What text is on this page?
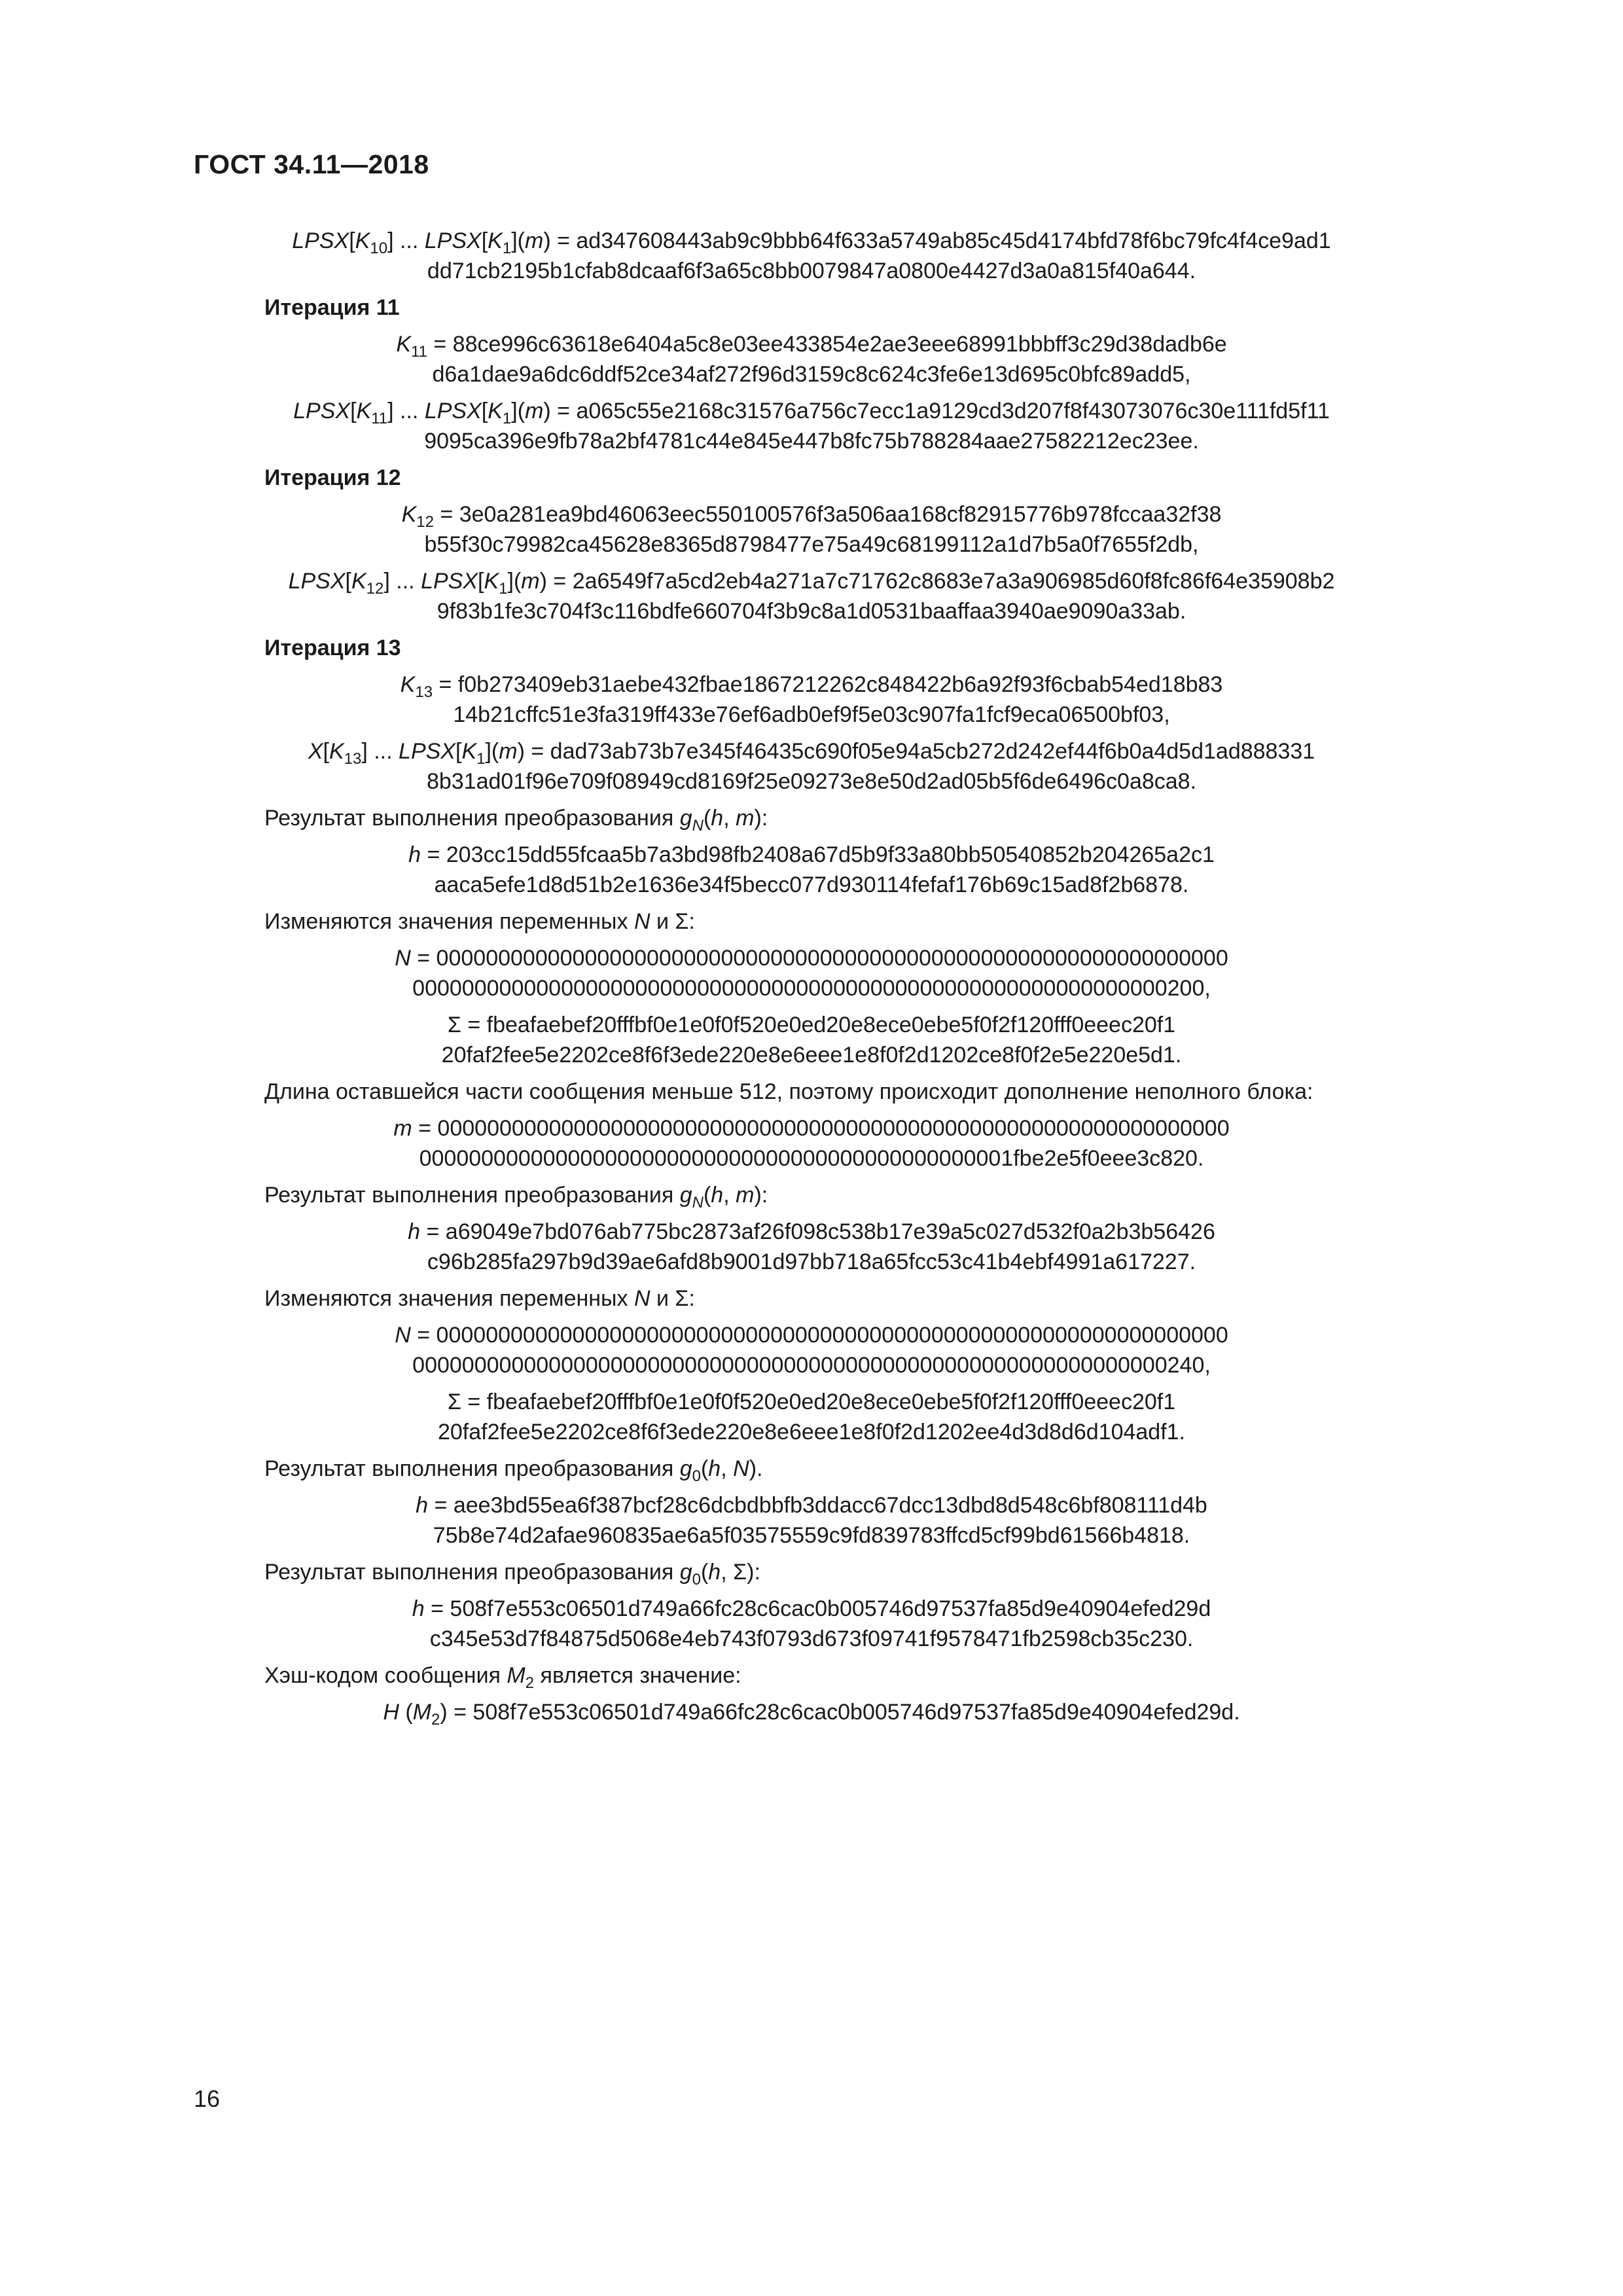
ГОСТ 34.11—2018
$LPSX[K_{10}]$ ... $LPSX[K_1](m) = ad347608443ab9c9bbb64f633a5749ab85c45d4174bfd78f6bc79fc4f4ce9ad1$
dd71cb2195b1cfab8dcaaf6f3a65c8bb0079847a0800e4427d3a0a815f40a644.
Итерация 11
$K_{11}$ = 88ce996c63618e6404a5c8e03ee433854e2ae3eee68991bbbff3c29d38dadb6e
d6a1dae9a6dc6ddf52ce34af272f96d3159c8c624c3fe6e13d695c0bfc89add5,
$LPSX[K_{11}]$ ... $LPSX[K_1](m) = a065c55e2168c31576a756c7ecc1a9129cd3d207f8f43073076c30e111fd5f11$
9095ca396e9fb78a2bf4781c44e845e447b8fc75b788284aae27582212ec23ee.
Итерация 12
$K_{12}$ = 3e0a281ea9bd46063eec550100576f3a506aa168cf82915776b978fccaa32f38
b55f30c79982ca45628e8365d8798477e75a49c68199112a1d7b5a0f7655f2db,
$LPSX[K_{12}]$ ... $LPSX[K_1](m) = 2a6549f7a5cd2eb4a271a7c71762c8683e7a3a906985d60f8fc86f64e35908b2$
9f83b1fe3c704f3c116bdfe660704f3b9c8a1d0531baaffaa3940ae9090a33ab.
Итерация 13
$K_{13}$ = f0b273409eb31aebe432fbae1867212262c848422b6a92f93f6cbab54ed18b83
14b21cffc51e3fa319ff433e76ef6adb0ef9f5e03c907fa1fcf9eca06500bf03,
$X[K_{13}]$ ... $LPSX[K_1](m) = dad73ab73b7e345f46435c690f05e94a5cb272d242ef44f6b0a4d5d1ad888331$
8b31ad01f96e709f08949cd8169f25e09273e8e50d2ad05b5f6de6496c0a8ca8.
Результат выполнения преобразования $g_N(h$, m):
h = 203cc15dd55fcaa5b7a3bd98fb2408a67d5b9f33a80bb50540852b204265a2c1
aaca5efe1d8d51b2e1636e34f5becc077d930114fefaf176b69c15ad8f2b6878.
Изменяются значения переменных N и Σ:
N = 0000000000000000000000000000000000000000000000000000000000000000
0000000000000000000000000000000000000000000000000000000000000200,
Σ = fbeafaebef20fffbf0e1e0f0f520e0ed20e8ece0ebe5f0f2f120fff0eeec20f1
20faf2fee5e2202ce8f6f3ede220e8e6eee1e8f0f2d1202ce8f0f2e5e220e5d1.
Длина оставшейся части сообщения меньше 512, поэтому происходит дополнение неполного блока:
m = 0000000000000000000000000000000000000000000000000000000000000000
000000000000000000000000000000000000000000000001fbe2e5f0eee3c820.
Результат выполнения преобразования $g_N(h$, m):
h = a69049e7bd076ab775bc2873af26f098c538b17e39a5c027d532f0a2b3b56426
c96b285fa297b9d39ae6afd8b9001d97bb718a65fcc53c41b4ebf4991a617227.
Изменяются значения переменных N и Σ:
N = 0000000000000000000000000000000000000000000000000000000000000000
0000000000000000000000000000000000000000000000000000000000000240,
Σ = fbeafaebef20fffbf0e1e0f0f520e0ed20e8ece0ebe5f0f2f120fff0eeec20f1
20faf2fee5e2202ce8f6f3ede220e8e6eee1e8f0f2d1202ee4d3d8d6d104adf1.
Результат выполнения преобразования $g_0(h$, N).
h = aee3bd55ea6f387bcf28c6dcbdbbfb3ddacc67dcc13dbd8d548c6bf808111d4b
75b8e74d2afae960835ae6a5f03575559c9fd839783ffcd5cf99bd61566b4818.
Результат выполнения преобразования $g_0(h$, Σ):
h = 508f7e553c06501d749a66fc28c6cac0b005746d97537fa85d9e40904efed29d
c345e53d7f84875d5068e4eb743f0793d673f09741f9578471fb2598cb35c230.
Хэш-кодом сообщения $M_2$ является значение:
H $(M_2)$ = 508f7e553c06501d749a66fc28c6cac0b005746d97537fa85d9e40904efed29d.
16
